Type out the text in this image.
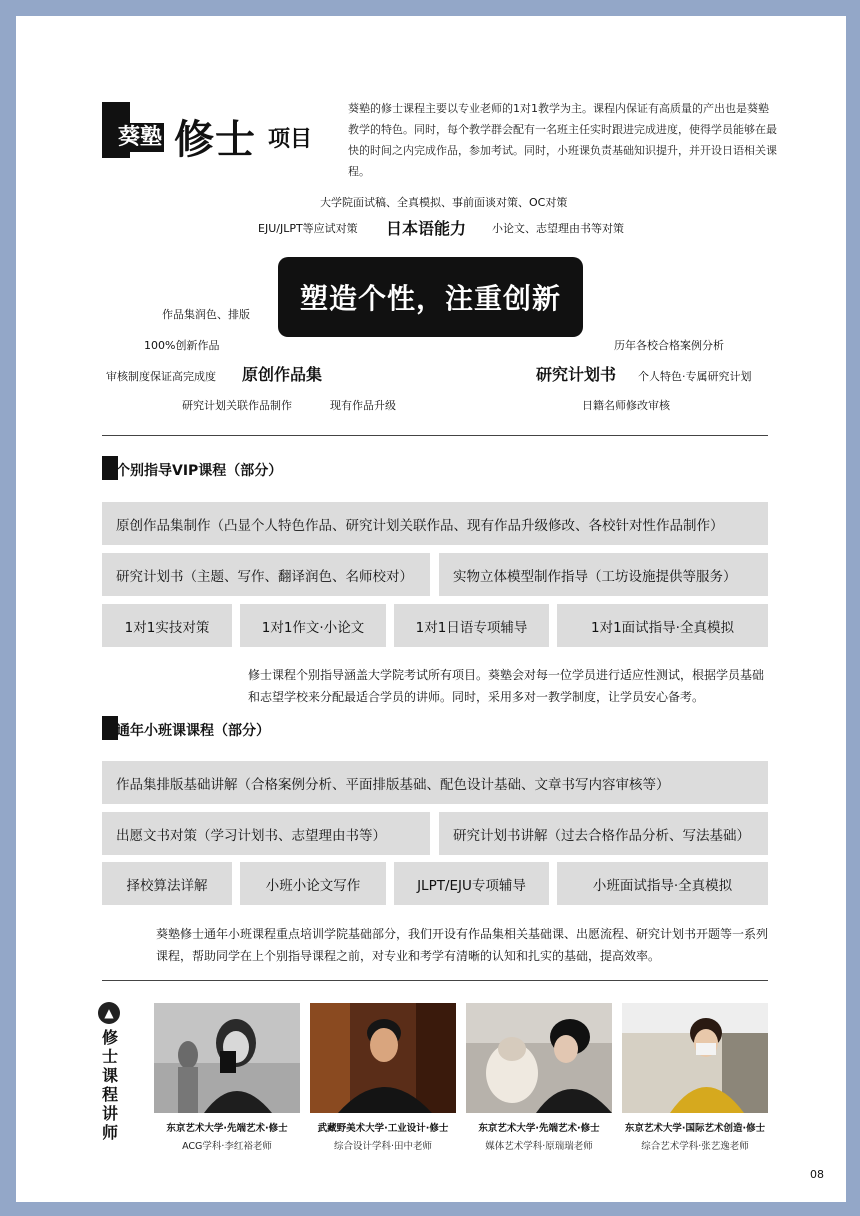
葵塾 修士 项目
葵塾的修士课程主要以专业老师的1对1教学为主。课程内保证有高质量的产出也是葵塾教学的特色。同时，每个教学群会配有一名班主任实时跟进完成进度，使得学员能够在最快的时间之内完成作品，参加考试。同时，小班课负责基础知识提升，并开设日语相关课程。
大学院面试稿、全真模拟、事前面谈对策、OC对策
EJU/JLPT等应试对策 日本语能力 小论文、志望理由书等对策
作品集润色、排版	塑造个性，注重创新
100%创新作品	历年各校合格案例分析
审核制度保证高完成度 原创作品集	研究计划书 个人特色·专属研究计划
研究计划关联作品制作	现有作品升级	日籍名师修改审核
个别指导VIP课程（部分）
原创作品集制作（凸显个人特色作品、研究计划关联作品、现有作品升级修改、各校针对性作品制作）
研究计划书（主题、写作、翻译润色、名师校对）	实物立体模型制作指导（工坊设施提供等服务）
1对1实技对策	1对1作文·小论文	1对1日语专项辅导	1对1面试指导·全真模拟
修士课程个别指导涵盖大学院考试所有项目。葵塾会对每一位学员进行适应性测试，根据学员基础和志望学校来分配最适合学员的讲师。同时，采用多对一教学制度，让学员安心备考。
通年小班课课程（部分）
作品集排版基础讲解（合格案例分析、平面排版基础、配色设计基础、文章书写内容审核等）
出愿文书对策（学习计划书、志望理由书等）	研究计划书讲解（过去合格作品分析、写法基础）
择校算法详解	小班小论文写作	JLPT/EJU专项辅导	小班面试指导·全真模拟
葵塾修士通年小班课程重点培训学院基础部分，我们开设有作品集相关基础课、出愿流程、研究计划书开题等一系列课程，帮助同学在上个别指导课程之前，对专业和考学有清晰的认知和扎实的基础，提高效率。
▲
修
士
课
程
讲
师	东京艺术大学·先端艺术·修士
ACG学科·李红裕老师
武藏野美术大学·工业设计·修士
综合设计学科·田中老师
东京艺术大学·先端艺术·修士
媒体艺术学科·原瑞瑞老师
东京艺术大学·国际艺术创造·修士
综合艺术学科·张艺逸老师
08
